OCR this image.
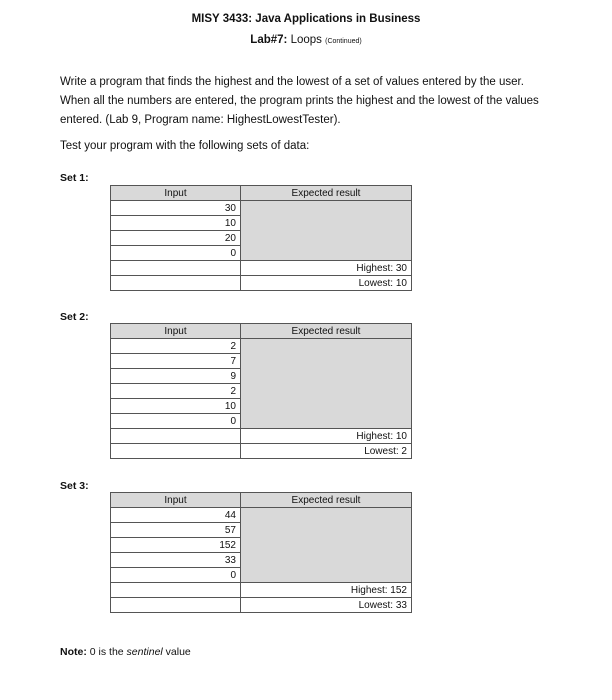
MISY 3433: Java Applications in Business
Lab#7: Loops (Continued)
Write a program that finds the highest and the lowest of a set of values entered by the user.
When all the numbers are entered, the program prints the highest and the lowest of the values
entered. (Lab 9, Program name: HighestLowestTester).
Test your program with the following sets of data:
Set 1:
Input	Expected result
30	
10	
20	
0	
	Highest: 30
	Lowest: 10
Set 2:
Input	Expected result
2	
7	
9	
2	
10	
0	
	Highest: 10
	Lowest: 2
Set 3:
Input	Expected result
44	
57	
152	
33	
0	
	Highest: 152
	Lowest: 33
Note: 0 is the sentinel value
